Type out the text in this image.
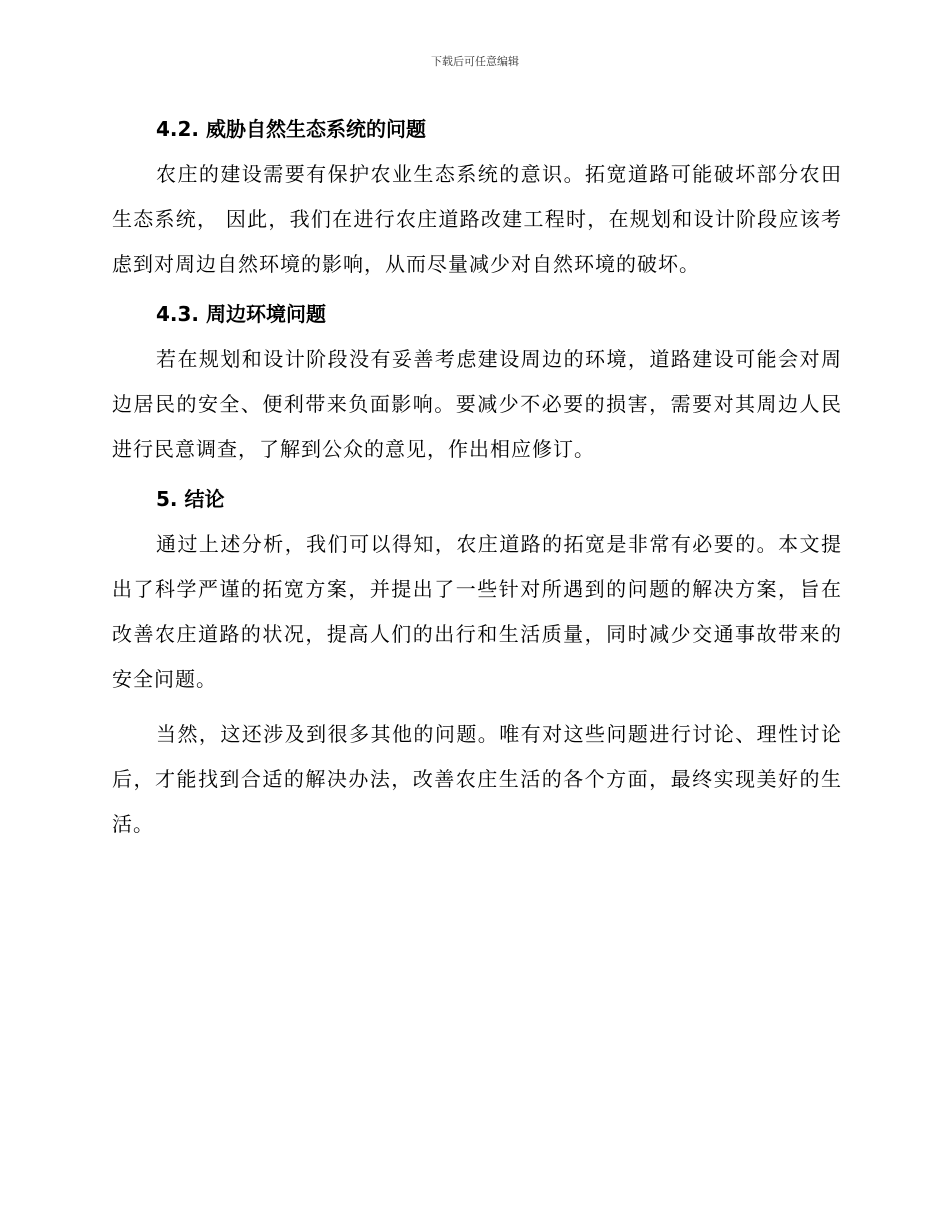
下载后可任意编辑
4.2. 威胁自然生态系统的问题

农庄的建设需要有保护农业生态系统的意识。拓宽道路可能破坏部分农田生态系统， 因此，我们在进行农庄道路改建工程时，在规划和设计阶段应该考虑到对周边自然环境的影响，从而尽量减少对自然环境的破坏。

4.3. 周边环境问题

若在规划和设计阶段没有妥善考虑建设周边的环境，道路建设可能会对周边居民的安全、便利带来负面影响。要减少不必要的损害，需要对其周边人民进行民意调查，了解到公众的意见，作出相应修订。

5. 结论

通过上述分析，我们可以得知，农庄道路的拓宽是非常有必要的。本文提出了科学严谨的拓宽方案，并提出了一些针对所遇到的问题的解决方案，旨在改善农庄道路的状况，提高人们的出行和生活质量，同时减少交通事故带来的安全问题。

当然，这还涉及到很多其他的问题。唯有对这些问题进行讨论、理性讨论后，才能找到合适的解决办法，改善农庄生活的各个方面，最终实现美好的生活。
